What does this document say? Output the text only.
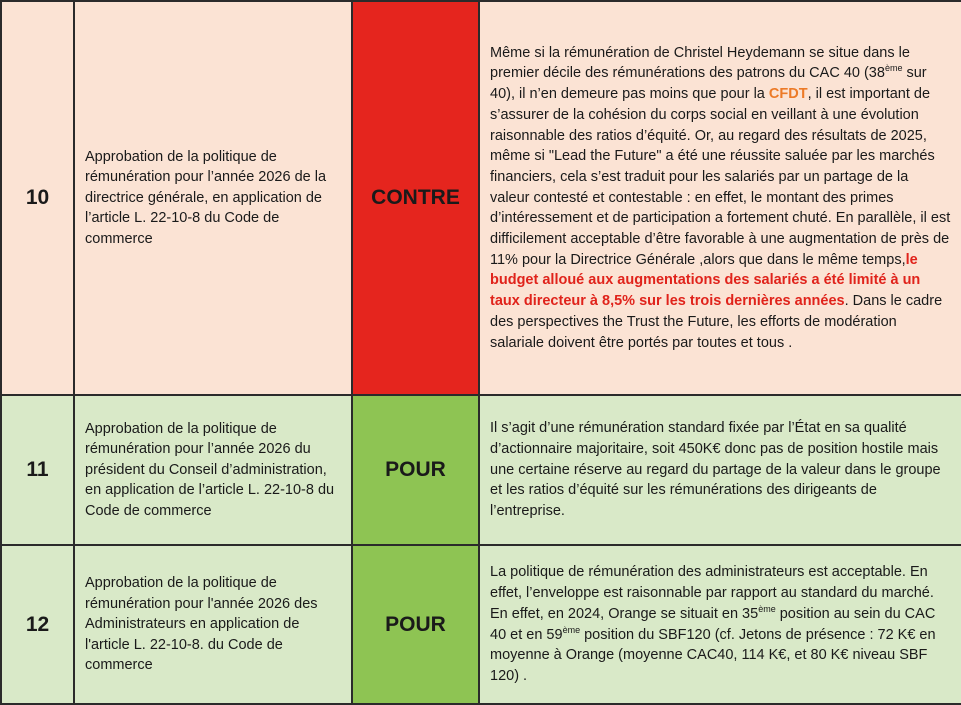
10	Approbation de la politique de rémunération pour l’année 2026 de la directrice générale, en application de l’article L. 22-10-8 du Code de commerce	CONTRE	Même si la rémunération de Christel Heydemann se situe dans le premier décile des rémunérations des patrons du CAC 40 (38ème sur 40), il n’en demeure pas moins que pour la CFDT, il est important de s’assurer de la cohésion du corps social en veillant à une évolution raisonnable des ratios d’équité. Or, au regard des résultats de 2025, même si "Lead the Future" a été une réussite saluée par les marchés financiers, cela s’est traduit pour les salariés par un partage de la valeur contesté et contestable : en effet, le montant des primes d’intéressement et de participation a fortement chuté. En parallèle, il est difficilement acceptable d’être favorable à une augmentation de près de 11% pour la Directrice Générale ,alors que dans le même temps,le budget alloué aux augmentations des salariés a été limité à un taux directeur à 8,5% sur les trois dernières années. Dans le cadre des perspectives the Trust the Future, les efforts de modération salariale doivent être portés par toutes et tous .
11	Approbation de la politique de rémunération pour l’année 2026 du président du Conseil d’administration, en application de l’article L. 22-10-8 du Code de commerce	POUR	Il s’agit d’une rémunération standard fixée par l’État en sa qualité d’actionnaire majoritaire, soit 450K€ donc pas de position hostile mais une certaine réserve au regard du partage de la valeur dans le groupe et les ratios d’équité sur les rémunérations des dirigeants de l’entreprise.
12	Approbation de la politique de rémunération pour l'année 2026 des Administrateurs en application de l'article L. 22-10-8. du Code de commerce	POUR	La politique de rémunération des administrateurs est acceptable. En effet, l’enveloppe est raisonnable par rapport au standard du marché. En effet, en 2024, Orange se situait en 35ème position au sein du CAC 40 et en 59ème position du SBF120 (cf. Jetons de présence : 72 K€ en moyenne à Orange (moyenne CAC40, 114 K€, et 80 K€ niveau SBF 120) .
